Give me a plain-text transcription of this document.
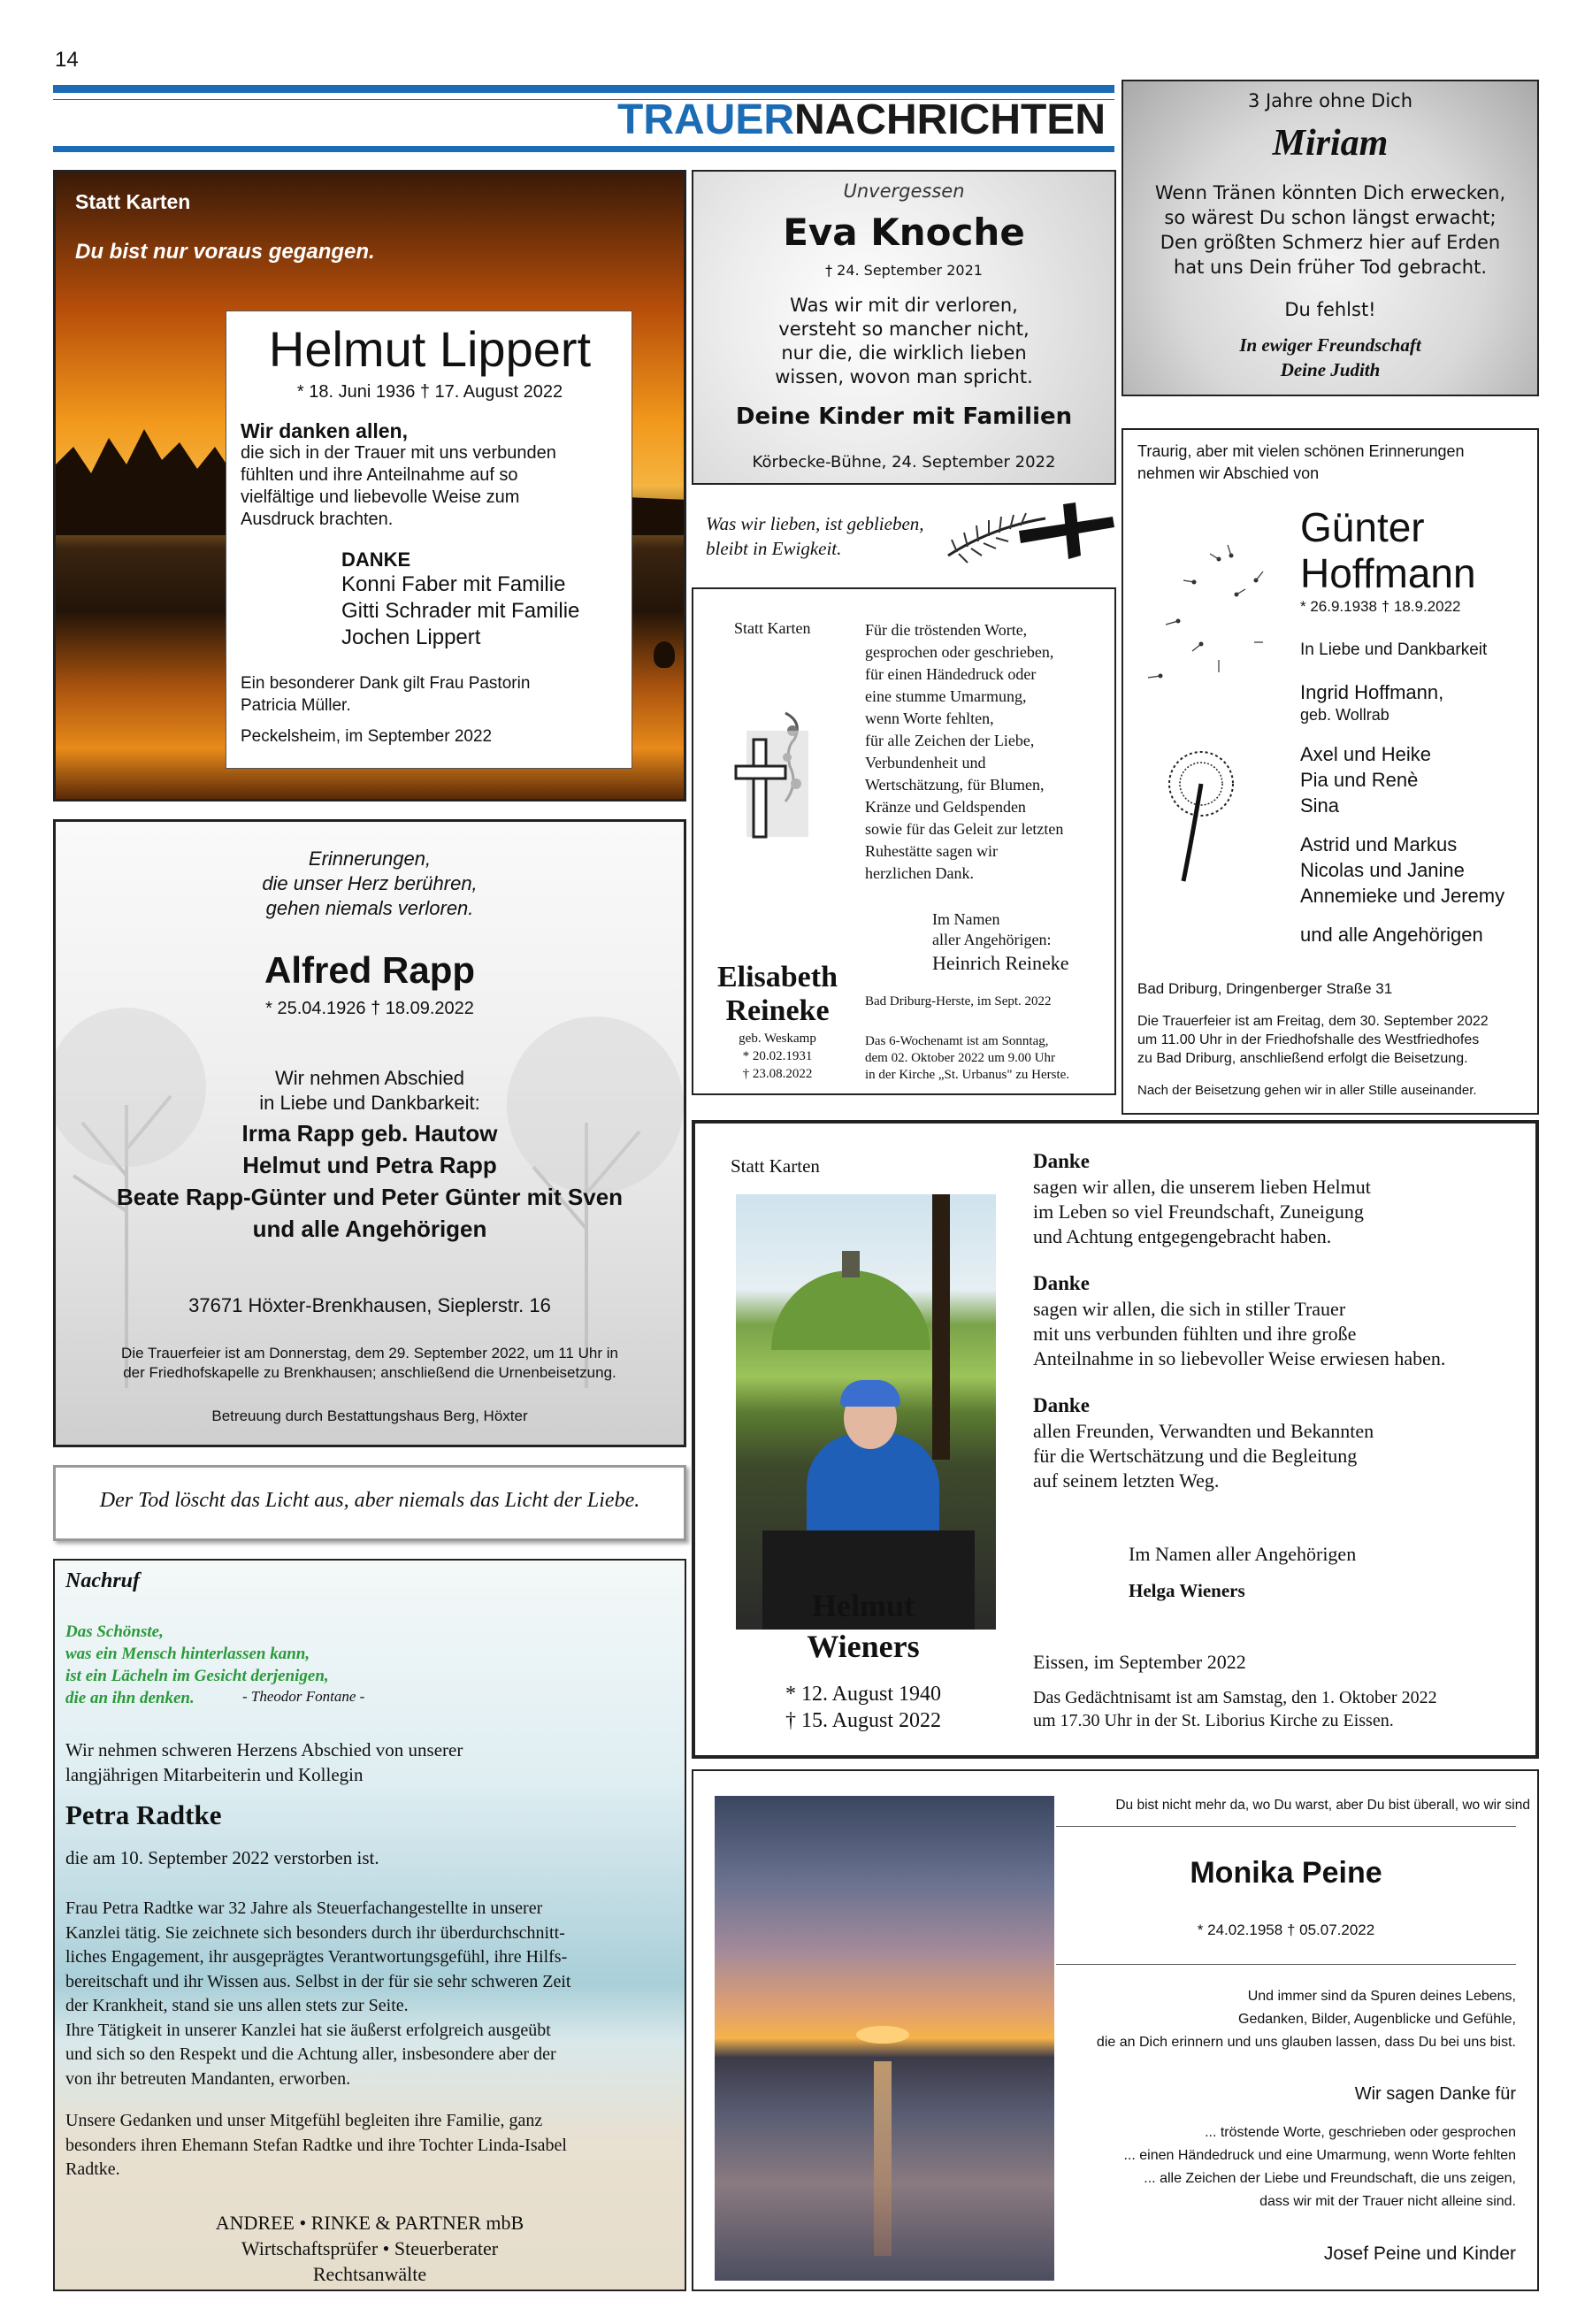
14
TRAUERNACHRICHTEN

Statt Karten

Du bist nur voraus gegangen.

Helmut Lippert

* 18. Juni 1936 † 17. August 2022

Wir danken allen,

die sich in der Trauer mit uns verbunden
fühlten und ihre Anteilnahme auf so
vielfältige und liebevolle Weise zum
Ausdruck brachten.

DANKE

Konni Faber mit Familie
Gitti Schrader mit Familie
Jochen Lippert

Ein besonderer Dank gilt Frau Pastorin
Patricia Müller.

Peckelsheim, im September 2022

Unvergessen

Eva Knoche

† 24. September 2021

Was wir mit dir verloren,
versteht so mancher nicht,
nur die, die wirklich lieben
wissen, wovon man spricht.

Deine Kinder mit Familien

Körbecke-Bühne, 24. September 2022

3 Jahre ohne Dich

Miriam

Wenn Tränen könnten Dich erwecken,
so wärest Du schon längst erwacht;
Den größten Schmerz hier auf Erden
hat uns Dein früher Tod gebracht.

Du fehlst!

In ewiger Freundschaft
Deine Judith

Was wir lieben, ist geblieben,
bleibt in Ewigkeit.

Statt Karten	Für die tröstenden Worte,
gesprochen oder geschrieben,
für einen Händedruck oder
eine stumme Umarmung,
wenn Worte fehlten,
für alle Zeichen der Liebe,
Verbundenheit und
Wertschätzung, für Blumen,
Kränze und Geldspenden
sowie für das Geleit zur letzten
Ruhestätte sagen wir
herzlichen Dank.

Im Namen
aller Angehörigen:

Heinrich Reineke

Elisabeth
Reineke

geb. Weskamp
* 20.02.1931
† 23.08.2022

Bad Driburg-Herste, im Sept. 2022

Das 6-Wochenamt ist am Sonntag,
dem 02. Oktober 2022 um 9.00 Uhr
in der Kirche „St. Urbanus" zu Herste.

Traurig, aber mit vielen schönen Erinnerungen
nehmen wir Abschied von

Günter
Hoffmann

* 26.9.1938 † 18.9.2022

In Liebe und Dankbarkeit

Ingrid Hoffmann,

geb. Wollrab

Axel und Heike
Pia und Renè
Sina

Astrid und Markus
Nicolas und Janine
Annemieke und Jeremy

und alle Angehörigen

Bad Driburg, Dringenberger Straße 31

Die Trauerfeier ist am Freitag, dem 30. September 2022
um 11.00 Uhr in der Friedhofshalle des Westfriedhofes
zu Bad Driburg, anschließend erfolgt die Beisetzung.

Nach der Beisetzung gehen wir in aller Stille auseinander.

Erinnerungen,
die unser Herz berühren,
gehen niemals verloren.

Alfred Rapp

* 25.04.1926 † 18.09.2022

Wir nehmen Abschied
in Liebe und Dankbarkeit:

Irma Rapp geb. Hautow
Helmut und Petra Rapp
Beate Rapp-Günter und Peter Günter mit Sven
und alle Angehörigen

37671 Höxter-Brenkhausen, Sieplerstr. 16

Die Trauerfeier ist am Donnerstag, dem 29. September 2022, um 11 Uhr in
der Friedhofskapelle zu Brenkhausen; anschließend die Urnenbeisetzung.

Betreuung durch Bestattungshaus Berg, Höxter

Statt Karten

Helmut
Wieners

* 12. August 1940
† 15. August 2022

Danke

sagen wir allen, die unserem lieben Helmut
im Leben so viel Freundschaft, Zuneigung
und Achtung entgegengebracht haben.

Danke

sagen wir allen, die sich in stiller Trauer
mit uns verbunden fühlten und ihre große
Anteilnahme in so liebevoller Weise erwiesen haben.

Danke

allen Freunden, Verwandten und Bekannten
für die Wertschätzung und die Begleitung
auf seinem letzten Weg.

Im Namen aller Angehörigen

Helga Wieners

Eissen, im September 2022

Das Gedächtnisamt ist am Samstag, den 1. Oktober 2022
um 17.30 Uhr in der St. Liborius Kirche zu Eissen.

Der Tod löscht das Licht aus, aber niemals das Licht der Liebe.

Nachruf

Das Schönste,
was ein Mensch hinterlassen kann,
ist ein Lächeln im Gesicht derjenigen,
die an ihn denken.	- Theodor Fontane -

Wir nehmen schweren Herzens Abschied von unserer
langjährigen Mitarbeiterin und Kollegin

Petra Radtke

die am 10. September 2022 verstorben ist.

Frau Petra Radtke war 32 Jahre als Steuerfachangestellte in unserer
Kanzlei tätig. Sie zeichnete sich besonders durch ihr überdurchschnitt-
liches Engagement, ihr ausgeprägtes Verantwortungsgefühl, ihre Hilfs-
bereitschaft und ihr Wissen aus. Selbst in der für sie sehr schweren Zeit
der Krankheit, stand sie uns allen stets zur Seite.
Ihre Tätigkeit in unserer Kanzlei hat sie äußerst erfolgreich ausgeübt
und sich so den Respekt und die Achtung aller, insbesondere aber der
von ihr betreuten Mandanten, erworben.

Unsere Gedanken und unser Mitgefühl begleiten ihre Familie, ganz
besonders ihren Ehemann Stefan Radtke und ihre Tochter Linda-Isabel
Radtke.

ANDREE • RINKE & PARTNER mbB
Wirtschaftsprüfer • Steuerberater
Rechtsanwälte

Du bist nicht mehr da, wo Du warst, aber Du bist überall, wo wir sind

Monika Peine

* 24.02.1958 † 05.07.2022

Und immer sind da Spuren deines Lebens,
Gedanken, Bilder, Augenblicke und Gefühle,
die an Dich erinnern und uns glauben lassen, dass Du bei uns bist.

Wir sagen Danke für

... tröstende Worte, geschrieben oder gesprochen
... einen Händedruck und eine Umarmung, wenn Worte fehlten
... alle Zeichen der Liebe und Freundschaft, die uns zeigen,
dass wir mit der Trauer nicht alleine sind.

Josef Peine und Kinder
